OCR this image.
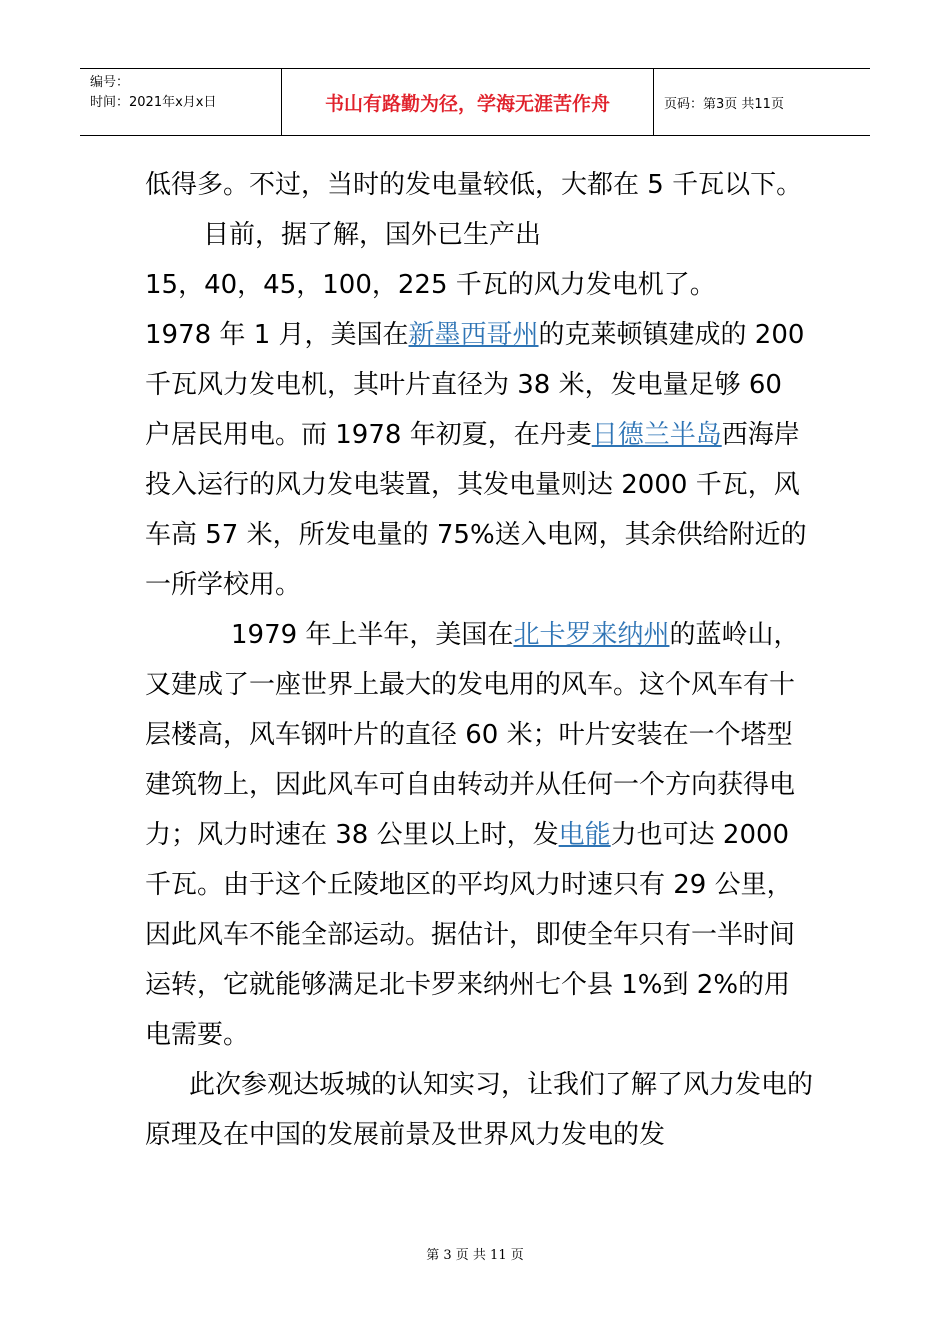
编号：
时间：2021年x月x日	书山有路勤为径，学海无涯苦作舟	页码：第3页 共11页

低得多。不过，当时的发电量较低，大都在 5 千瓦以下。

目前，据了解，国外已生产出

15，40，45，100，225 千瓦的风力发电机了。

1978 年 1 月，美国在新墨西哥州的克莱顿镇建成的 200 千瓦风力发电机，其叶片直径为 38 米，发电量足够 60 户居民用电。而 1978 年初夏，在丹麦日德兰半岛西海岸投入运行的风力发电装置，其发电量则达 2000 千瓦，风车高 57 米，所发电量的 75%送入电网，其余供给附近的一所学校用。

1979 年上半年，美国在北卡罗来纳州的蓝岭山，又建成了一座世界上最大的发电用的风车。这个风车有十层楼高，风车钢叶片的直径 60 米；叶片安装在一个塔型建筑物上，因此风车可自由转动并从任何一个方向获得电力；风力时速在 38 公里以上时，发电能力也可达 2000 千瓦。由于这个丘陵地区的平均风力时速只有 29 公里，因此风车不能全部运动。据估计，即使全年只有一半时间运转，它就能够满足北卡罗来纳州七个县 1%到 2%的用电需要。

此次参观达坂城的认知实习，让我们了解了风力发电的原理及在中国的发展前景及世界风力发电的发

第 3 页 共 11 页
